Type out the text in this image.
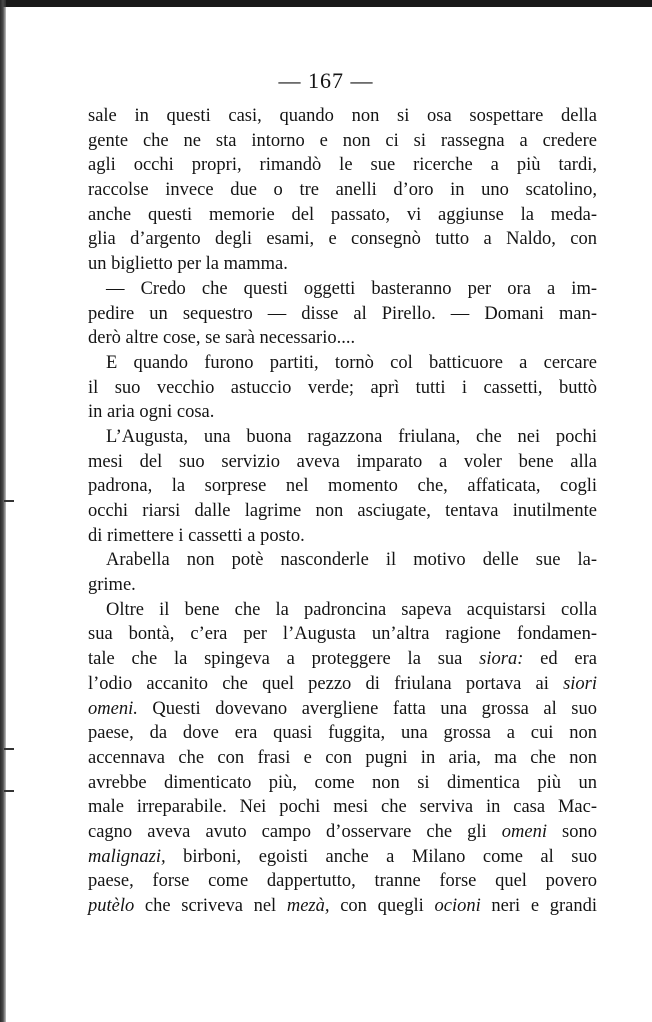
— 167 —
sale in questi casi, quando non si osa sospettare della
gente che ne sta intorno e non ci si rassegna a credere
agli occhi propri, rimandò le sue ricerche a più tardi,
raccolse invece due o tre anelli d’oro in uno scatolino,
anche questi memorie del passato, vi aggiunse la meda-
glia d’argento degli esami, e consegnò tutto a Naldo, con
un biglietto per la mamma.
— Credo che questi oggetti basteranno per ora a im-
pedire un sequestro — disse al Pirello. — Domani man-
derò altre cose, se sarà necessario....
E quando furono partiti, tornò col batticuore a cercare
il suo vecchio astuccio verde; aprì tutti i cassetti, buttò
in aria ogni cosa.
L’Augusta, una buona ragazzona friulana, che nei pochi
mesi del suo servizio aveva imparato a voler bene alla
padrona, la sorprese nel momento che, affaticata, cogli
occhi riarsi dalle lagrime non asciugate, tentava inutilmente
di rimettere i cassetti a posto.
Arabella non potè nasconderle il motivo delle sue la-
grime.
Oltre il bene che la padroncina sapeva acquistarsi colla
sua bontà, c’era per l’Augusta un’altra ragione fondamen-
tale che la spingeva a proteggere la sua siora: ed era
l’odio accanito che quel pezzo di friulana portava ai siori
omeni. Questi dovevano avergliene fatta una grossa al suo
paese, da dove era quasi fuggita, una grossa a cui non
accennava che con frasi e con pugni in aria, ma che non
avrebbe dimenticato più, come non si dimentica più un
male irreparabile. Nei pochi mesi che serviva in casa Mac-
cagno aveva avuto campo d’osservare che gli omeni sono
malignazi, birboni, egoisti anche a Milano come al suo
paese, forse come dappertutto, tranne forse quel povero
putèlo che scriveva nel mezà, con quegli ocioni neri e grandi
